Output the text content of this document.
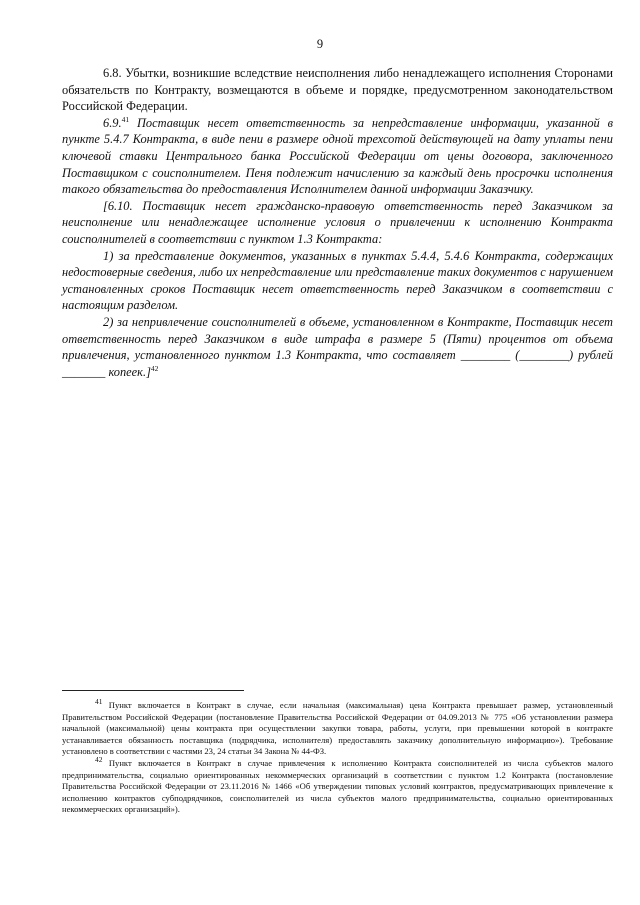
9

6.8. Убытки, возникшие вследствие неисполнения либо ненадлежащего исполнения Сторонами обязательств по Контракту, возмещаются в объеме и порядке, предусмотренном законодательством Российской Федерации.

6.9.41 Поставщик несет ответственность за непредставление информации, указанной в пункте 5.4.7 Контракта, в виде пени в размере одной трехсотой действующей на дату уплаты пени ключевой ставки Центрального банка Российской Федерации от цены договора, заключенного Поставщиком с соисполнителем. Пеня подлежит начислению за каждый день просрочки исполнения такого обязательства до предоставления Исполнителем данной информации Заказчику.

[6.10. Поставщик несет гражданско-правовую ответственность перед Заказчиком за неисполнение или ненадлежащее исполнение условия о привлечении к исполнению Контракта соисполнителей в соответствии с пунктом 1.3 Контракта:

1) за представление документов, указанных в пунктах 5.4.4, 5.4.6 Контракта, содержащих недостоверные сведения, либо их непредставление или представление таких документов с нарушением установленных сроков Поставщик несет ответственность перед Заказчиком в соответствии с настоящим разделом.

2) за непривлечение соисполнителей в объеме, установленном в Контракте, Поставщик несет ответственность перед Заказчиком в виде штрафа в размере 5 (Пяти) процентов от объема привлечения, установленного пунктом 1.3 Контракта, что составляет ________ (________) рублей _______ копеек.]$^{42}$

$^{41}$ Пункт включается в Контракт в случае, если начальная (максимальная) цена Контракта превышает размер, установленный Правительством Российской Федерации (постановление Правительства Российской Федерации от 04.09.2013 № 775 «Об установлении размера начальной (максимальной) цены контракта при осуществлении закупки товара, работы, услуги, при превышении которой в контракте устанавливается обязанность поставщика (подрядчика, исполнителя) предоставлять заказчику дополнительную информацию»). Требование установлено в соответствии с частями 23, 24 статьи 34 Закона № 44-ФЗ.

$^{42}$ Пункт включается в Контракт в случае привлечения к исполнению Контракта соисполнителей из числа субъектов малого предпринимательства, социально ориентированных некоммерческих организаций в соответствии с пунктом 1.2 Контракта (постановление Правительства Российской Федерации от 23.11.2016 № 1466 «Об утверждении типовых условий контрактов, предусматривающих привлечение к исполнению контрактов субподрядчиков, соисполнителей из числа субъектов малого предпринимательства, социально ориентированных некоммерческих организаций»).
